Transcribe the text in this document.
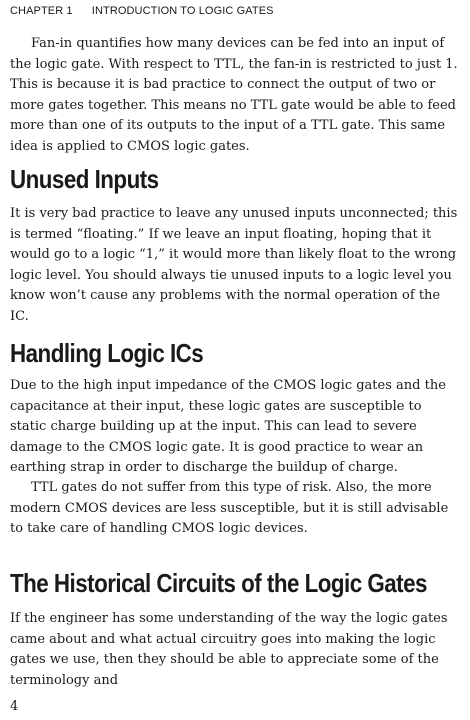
CHAPTER 1 INTRODUCTION TO LOGIC GATES

Fan-in quantifies how many devices can be fed into an input of the logic gate. With respect to TTL, the fan-in is restricted to just 1. This is because it is bad practice to connect the output of two or more gates together. This means no TTL gate would be able to feed more than one of its outputs to the input of a TTL gate. This same idea is applied to CMOS logic gates.

Unused Inputs

It is very bad practice to leave any unused inputs unconnected; this is termed “floating.” If we leave an input floating, hoping that it would go to a logic “1,” it would more than likely float to the wrong logic level. You should always tie unused inputs to a logic level you know won’t cause any problems with the normal operation of the IC.

Handling Logic ICs

Due to the high input impedance of the CMOS logic gates and the capacitance at their input, these logic gates are susceptible to static charge building up at the input. This can lead to severe damage to the CMOS logic gate. It is good practice to wear an earthing strap in order to discharge the buildup of charge.

TTL gates do not suffer from this type of risk. Also, the more modern CMOS devices are less susceptible, but it is still advisable to take care of handling CMOS logic devices.

The Historical Circuits of the Logic Gates

If the engineer has some understanding of the way the logic gates came about and what actual circuitry goes into making the logic gates we use, then they should be able to appreciate some of the terminology and

4
